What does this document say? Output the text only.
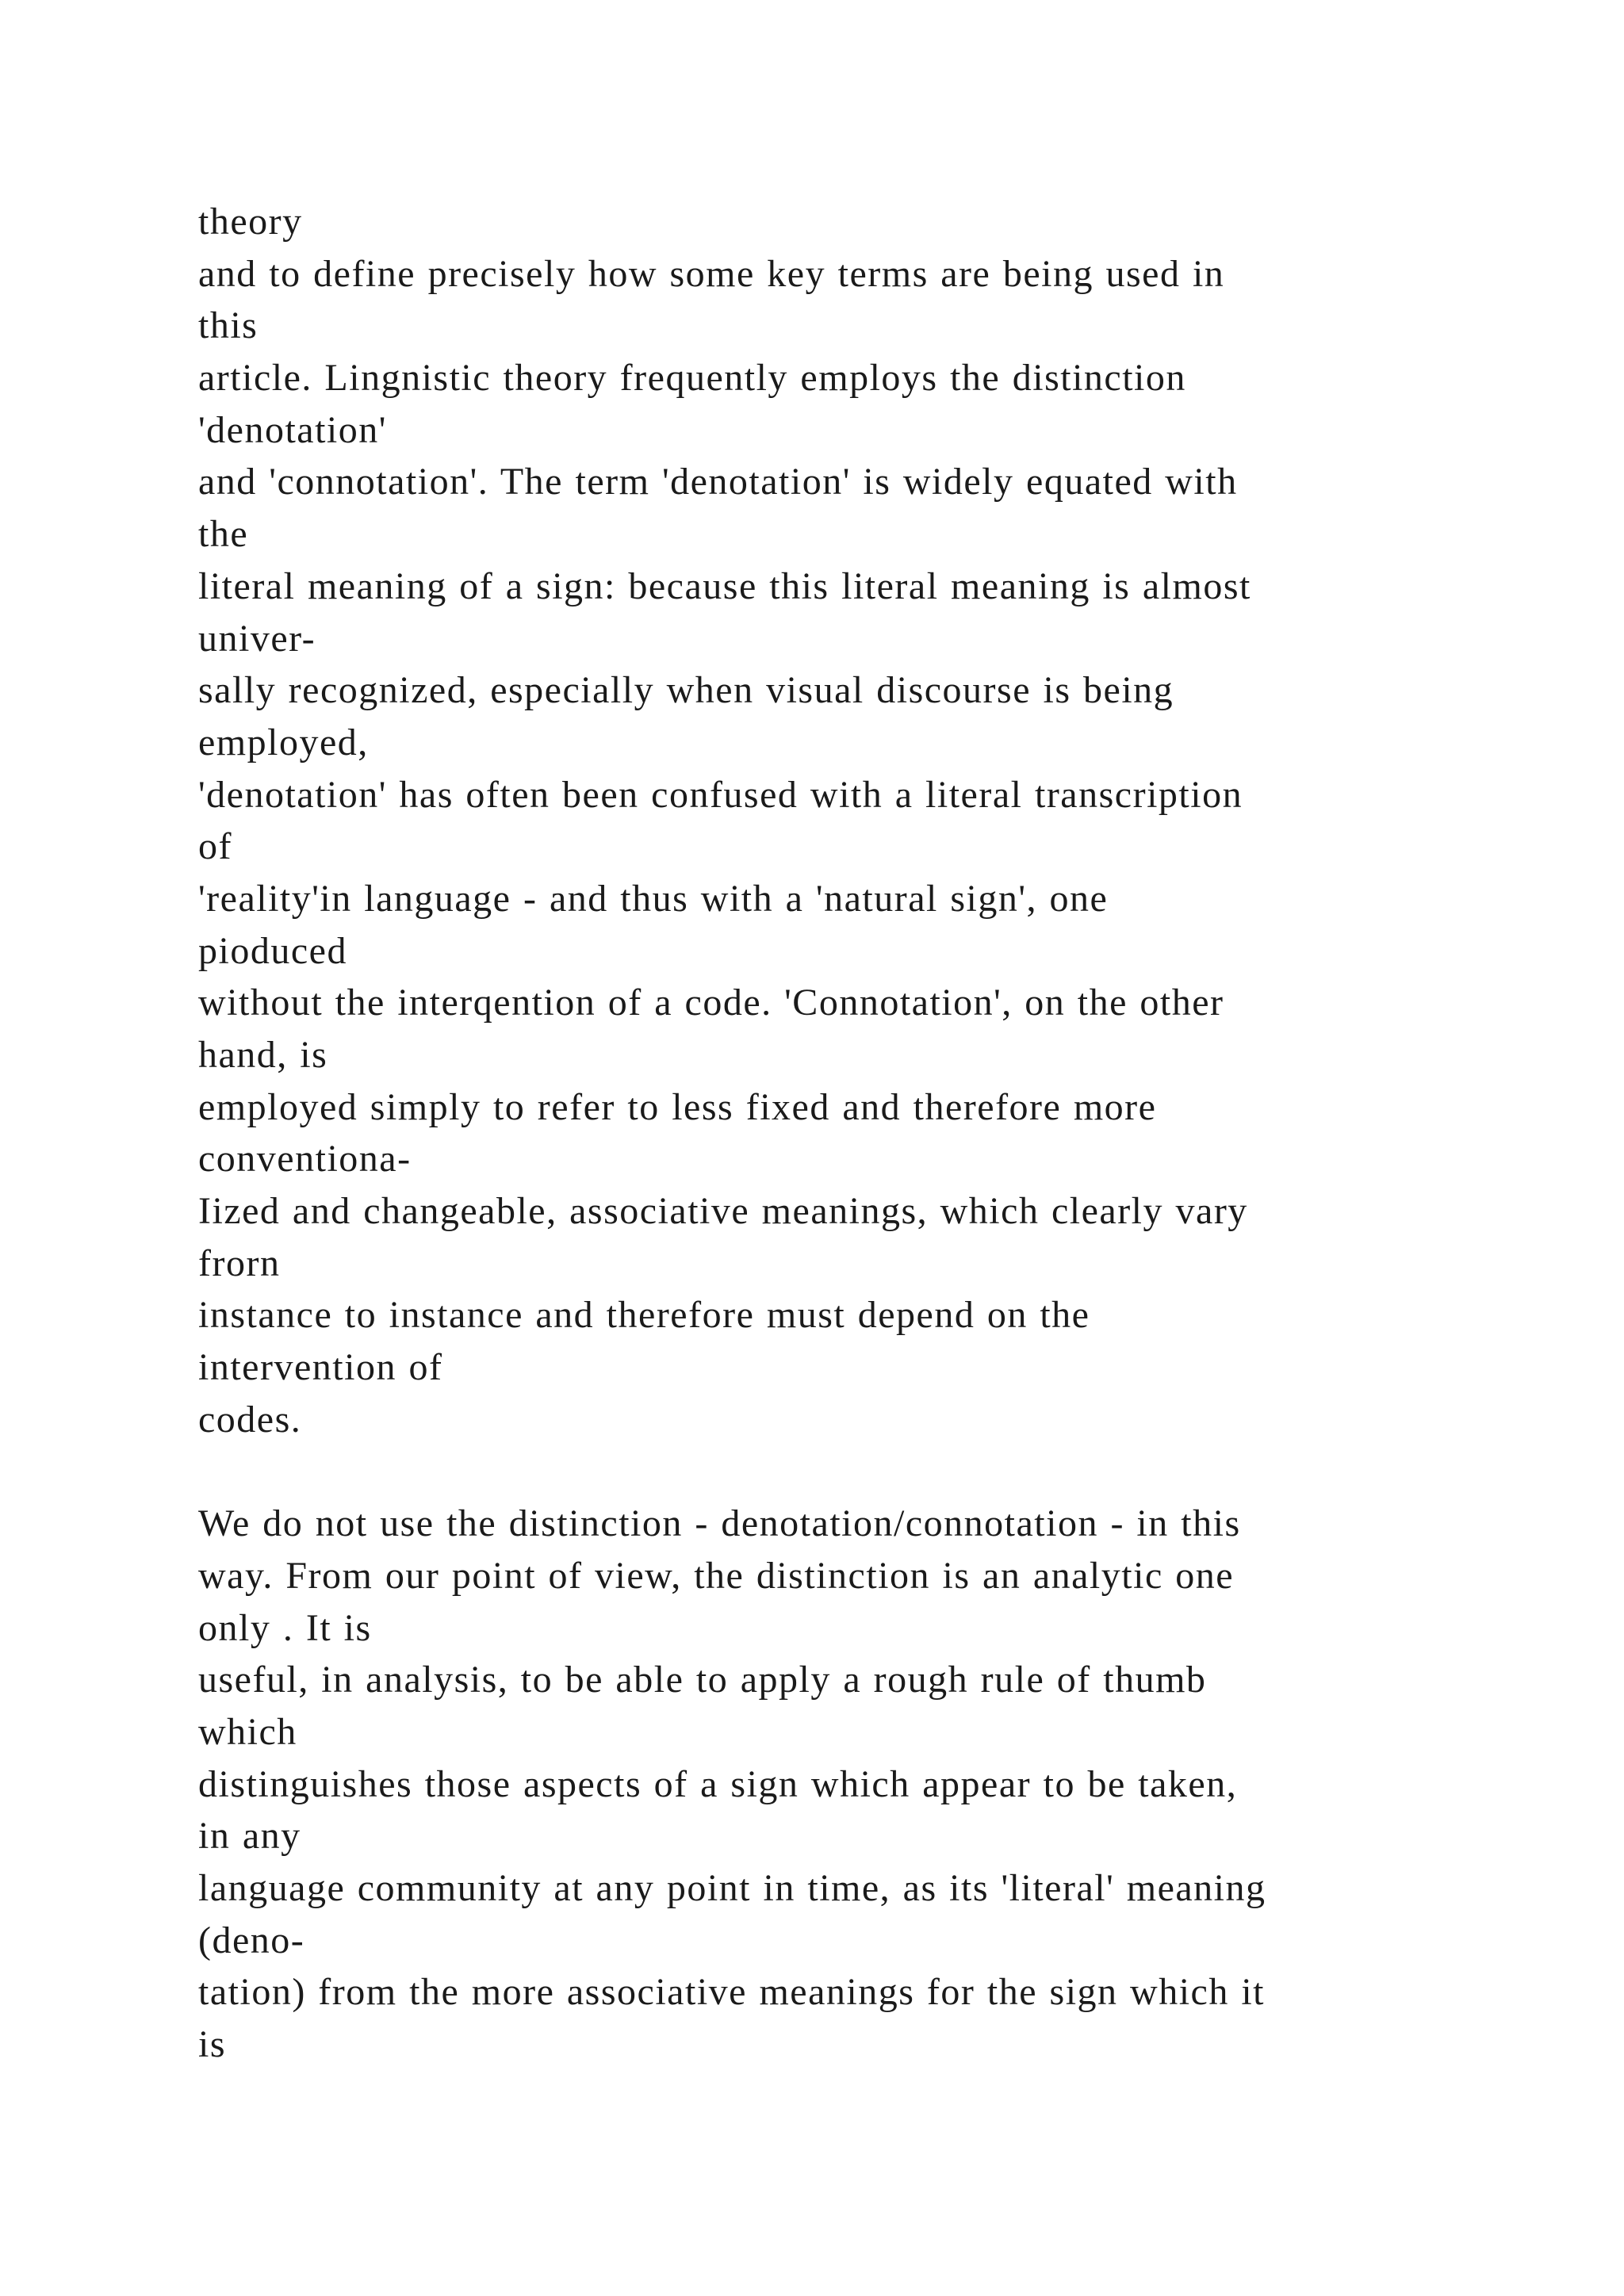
theory
and to define precisely how some key terms are being used in
this
article. Lingnistic theory frequently employs the distinction
'denotation'
and 'connotation'. The term 'denotation' is widely equated with
the
literal meaning of a sign: because this literal meaning is almost
univer-
sally recognized, especially when visual discourse is being
employed,
'denotation' has often been confused with a literal transcription
of
'reality'in language - and thus with a 'natural sign', one
pioduced
without the interqention of a code. 'Connotation', on the other
hand, is
employed simply to refer to less fixed and therefore more
conventiona-
Iized and changeable, associative meanings, which clearly vary
frorn
instance to instance and therefore must depend on the
intervention of
codes.
We do not use the distinction - denotation/connotation - in this
way. From our point of view, the distinction is an analytic one
only . It is
useful, in analysis, to be able to apply a rough rule of thumb
which
distinguishes those aspects of a sign which appear to be taken,
in any
language community at any point in time, as its 'literal' meaning
(deno-
tation) from the more associative meanings for the sign which it
is
